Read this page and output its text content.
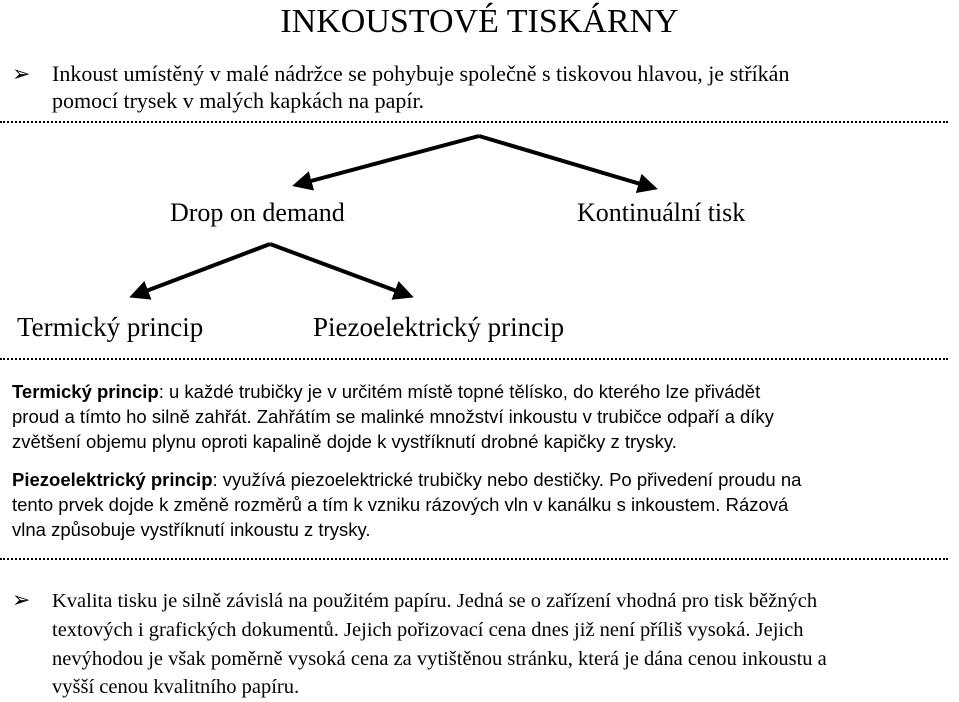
INKOUSTOVÉ TISKÁRNY
➢ Inkoust umístěný v malé nádržce se pohybuje společně s tiskovou hlavou, je stříkán
pomocí trysek v malých kapkách na papír.
Drop on demand	Kontinuální tisk
Termický princip	Piezoelektrický princip
Termický princip: u každé trubičky je v určitém místě topné tělísko, do kterého lze přivádět
proud a tímto ho silně zahřát. Zahřátím se malinké množství inkoustu v trubičce odpaří a díky
zvětšení objemu plynu oproti kapalině dojde k vystříknutí drobné kapičky z trysky.
Piezoelektrický princip: využívá piezoelektrické trubičky nebo destičky. Po přivedení proudu na
tento prvek dojde k změně rozměrů a tím k vzniku rázových vln v kanálku s inkoustem. Rázová
vlna způsobuje vystříknutí inkoustu z trysky.
➢ Kvalita tisku je silně závislá na použitém papíru. Jedná se o zařízení vhodná pro tisk běžných
textových i grafických dokumentů. Jejich pořizovací cena dnes již není příliš vysoká. Jejich
nevýhodou je však poměrně vysoká cena za vytištěnou stránku, která je dána cenou inkoustu a
vyšší cenou kvalitního papíru.
